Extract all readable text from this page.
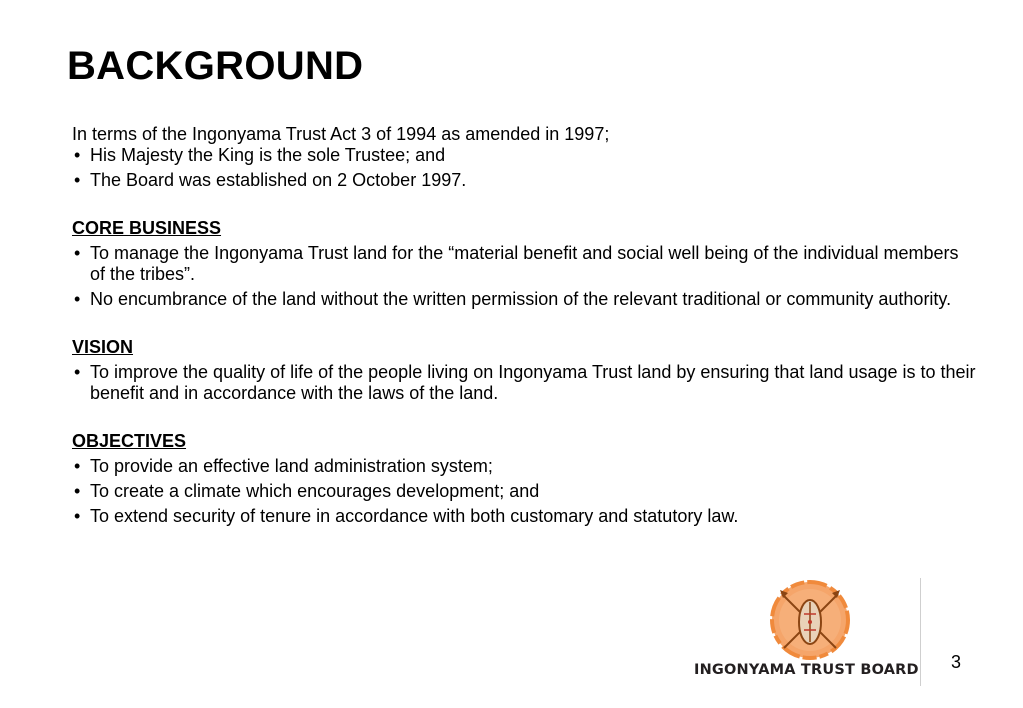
BACKGROUND

In terms of the Ingonyama Trust Act 3 of 1994 as amended in 1997;

• His Majesty the King is the sole Trustee; and
• The Board was established on 2 October 1997.

CORE BUSINESS

• To manage the Ingonyama Trust land for the “material benefit and social well being of the individual members of the tribes”.
• No encumbrance of the land without the written permission of the relevant traditional or community authority.

VISION

• To improve the quality of life of the people living on Ingonyama Trust land by ensuring that land usage is to their benefit and in accordance with the laws of the land.

OBJECTIVES

• To provide an effective land administration system;
• To create a climate which encourages development; and
• To extend security of tenure in accordance with both customary and statutory law.
INGONYAMA TRUST BOARD 3
